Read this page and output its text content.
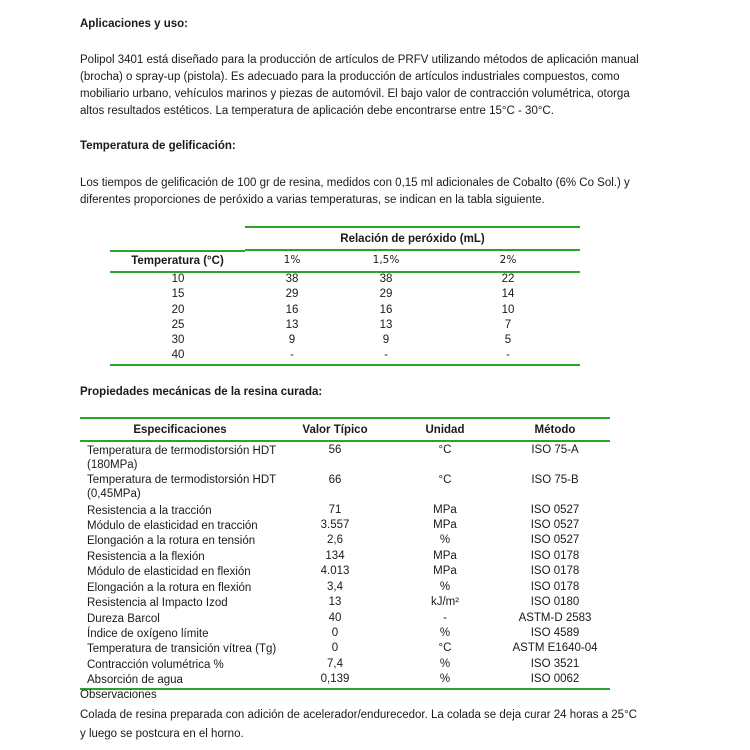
Aplicaciones y uso:
Polipol 3401 está diseñado para la producción de artículos de PRFV utilizando métodos de aplicación manual
(brocha) o spray-up (pistola). Es adecuado para la producción de artículos industriales compuestos, como
mobiliario urbano, vehículos marinos y piezas de automóvil. El bajo valor de contracción volumétrica, otorga
altos resultados estéticos. La temperatura de aplicación debe encontrarse entre 15°C - 30°C.
Temperatura de gelificación:
Los tiempos de gelificación de 100 gr de resina, medidos con 0,15 ml adicionales de Cobalto (6% Co Sol.) y
diferentes proporciones de peróxido a varias temperaturas, se indican en la tabla siguiente.
Relación de peróxido (mL)
Temperatura (°C)	1%	1,5%	2%
10	38	38	22
15	29	29	14
20	16	16	10
25	13	13	7
30	9	9	5
40	-	-	-
Propiedades mecánicas de la resina curada:
Especificaciones	Valor Típico	Unidad	Método
Temperatura de termodistorsión HDT
(180MPa)
56	°C	ISO 75-A
Temperatura de termodistorsión HDT
(0,45MPa)
66	°C	ISO 75-B
Resistencia a la tracción	71	MPa	ISO 0527
Módulo de elasticidad en tracción	3.557	MPa	ISO 0527
Elongación a la rotura en tensión	2,6	%	ISO 0527
Resistencia a la flexión	134	MPa	ISO 0178
Módulo de elasticidad en flexión	4.013	MPa	ISO 0178
Elongación a la rotura en flexión	3,4	%	ISO 0178
Resistencia al Impacto Izod	13	kJ/m²	ISO 0180
Dureza Barcol	40	-	ASTM-D 2583
Índice de oxígeno límite	0	%	ISO 4589
Temperatura de transición vítrea (Tg)	0	°C	ASTM E1640-04
Contracción volumétrica %	7,4	%	ISO 3521
Absorción de agua	0,139	%	ISO 0062
Observaciones
Colada de resina preparada con adición de acelerador/endurecedor. La colada se deja curar 24 horas a 25°C
y luego se postcura en el horno.
